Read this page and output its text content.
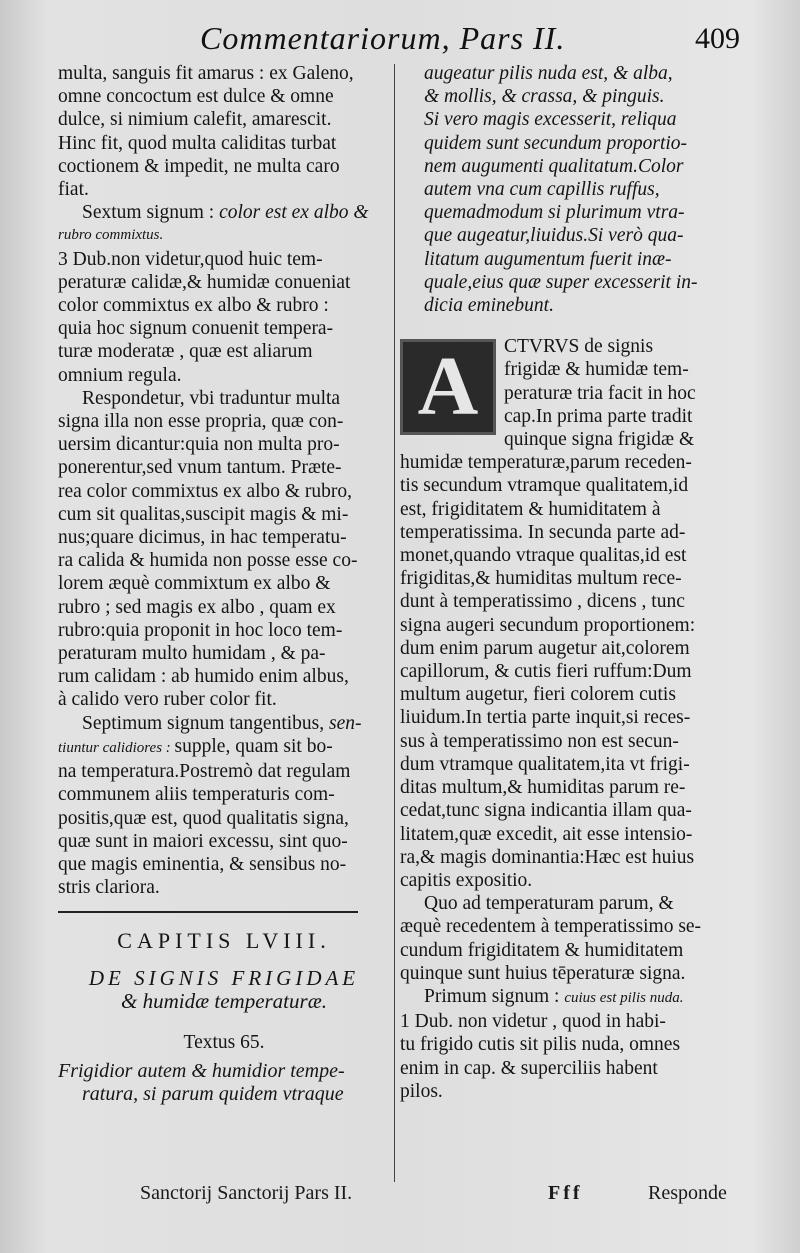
Commentariorum, Pars II.	409
multa, sanguis fit amarus : ex Galeno,
omne concoctum est dulce & omne
dulce, si nimium calefit, amarescit.
Hinc fit, quod multa caliditas turbat
coctionem & impedit, ne multa caro
fiat.
Sextum signum : color est ex albo &
rubro commixtus.
3 Dub.non videtur,quod huic tem-
peraturæ calidæ,& humidæ conueniat
color commixtus ex albo & rubro :
quia hoc signum conuenit tempera-
turæ moderatæ , quæ est aliarum
omnium regula.
Respondetur, vbi traduntur multa
signa illa non esse propria, quæ con-
uersim dicantur:quia non multa pro-
ponerentur,sed vnum tantum. Præte-
rea color commixtus ex albo & rubro,
cum sit qualitas,suscipit magis & mi-
nus;quare dicimus, in hac temperatu-
ra calida & humida non posse esse co-
lorem æquè commixtum ex albo &
rubro ; sed magis ex albo , quam ex
rubro:quia proponit in hoc loco tem-
peraturam multo humidam , & pa-
rum calidam : ab humido enim albus,
à calido vero ruber color fit.
Septimum signum tangentibus, sen-
tiuntur calidiores : supple, quam sit bo-
na temperatura.Postremò dat regulam
communem aliis temperaturis com-
positis,quæ est, quod qualitatis signa,
quæ sunt in maiori excessu, sint quo-
que magis eminentia, & sensibus no-
stris clariora.
CAPITIS LVIII.
DE SIGNIS FRIGIDAE
& humidæ temperaturæ.
Textus 65.
Frigidior autem & humidior tempe-
ratura, si parum quidem vtraque
augeatur pilis nuda est, & alba,
& mollis, & crassa, & pinguis.
Si vero magis excesserit, reliqua
quidem sunt secundum proportio-
nem augumenti qualitatum.Color
autem vna cum capillis ruffus,
quemadmodum si plurimum vtra-
que augeatur,liuidus.Si verò qua-
litatum augumentum fuerit inæ-
quale,eius quæ super excesserit in-
dicia eminebunt.
A	CTVRVS de signis
frigidæ & humidæ tem-
peraturæ tria facit in hoc
cap.In prima parte tradit
quinque signa frigidæ &
humidæ temperaturæ,parum receden-
tis secundum vtramque qualitatem,id
est, frigiditatem & humiditatem à
temperatissima. In secunda parte ad-
monet,quando vtraque qualitas,id est
frigiditas,& humiditas multum rece-
dunt à temperatissimo , dicens , tunc
signa augeri secundum proportionem:
dum enim parum augetur ait,colorem
capillorum, & cutis fieri ruffum:Dum
multum augetur, fieri colorem cutis
liuidum.In tertia parte inquit,si reces-
sus à temperatissimo non est secun-
dum vtramque qualitatem,ita vt frigi-
ditas multum,& humiditas parum re-
cedat,tunc signa indicantia illam qua-
litatem,quæ excedit, ait esse intensio-
ra,& magis dominantia:Hæc est huius
capitis expositio.
Quo ad temperaturam parum, &
æquè recedentem à temperatissimo se-
cundum frigiditatem & humiditatem
quinque sunt huius tēperaturæ signa.
Primum signum : cuius est pilis nuda.
1 Dub. non videtur , quod in habi-
tu frigido cutis sit pilis nuda, omnes
enim in cap. & superciliis habent
pilos.
Sanctorij Sanctorij Pars II.	Fff	Responde
